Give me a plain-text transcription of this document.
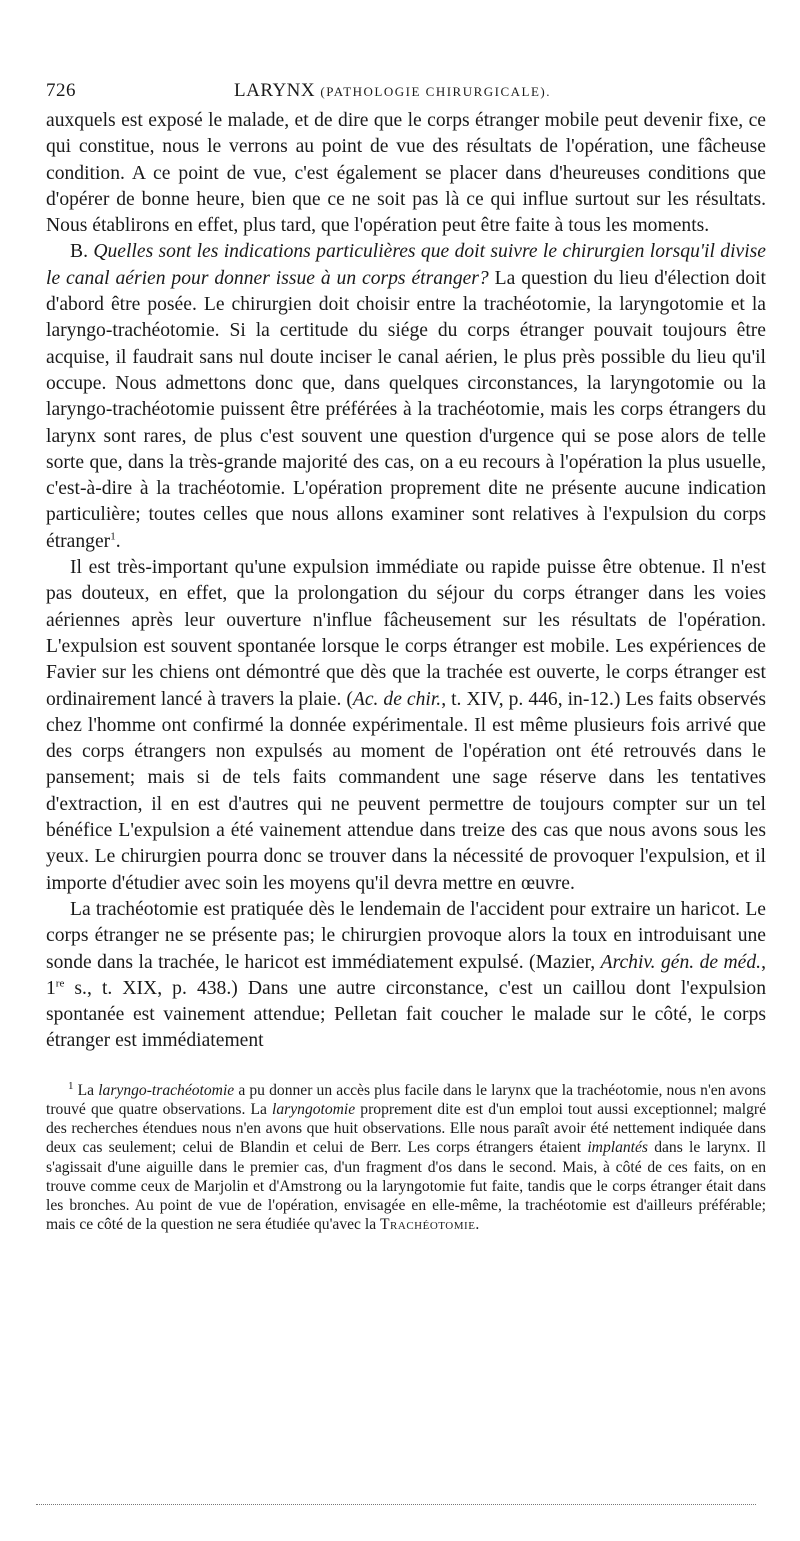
726	LARYNX (PATHOLOGIE CHIRURGICALE).

auxquels est exposé le malade, et de dire que le corps étranger mobile peut devenir fixe, ce qui constitue, nous le verrons au point de vue des résultats de l'opération, une fâcheuse condition. A ce point de vue, c'est également se placer dans d'heureuses conditions que d'opérer de bonne heure, bien que ce ne soit pas là ce qui influe surtout sur les résultats. Nous établirons en effet, plus tard, que l'opération peut être faite à tous les moments.

B. Quelles sont les indications particulières que doit suivre le chirurgien lorsqu'il divise le canal aérien pour donner issue à un corps étranger? La question du lieu d'élection doit d'abord être posée. Le chirurgien doit choisir entre la trachéotomie, la laryngotomie et la laryngo-trachéotomie. Si la certitude du siége du corps étranger pouvait toujours être acquise, il faudrait sans nul doute inciser le canal aérien, le plus près possible du lieu qu'il occupe. Nous admettons donc que, dans quelques circonstances, la laryngotomie ou la laryngo-trachéotomie puissent être préférées à la trachéotomie, mais les corps étrangers du larynx sont rares, de plus c'est souvent une question d'urgence qui se pose alors de telle sorte que, dans la très-grande majorité des cas, on a eu recours à l'opération la plus usuelle, c'est-à-dire à la trachéotomie. L'opération proprement dite ne présente aucune indication particulière; toutes celles que nous allons examiner sont relatives à l'expulsion du corps étranger$^1$.

Il est très-important qu'une expulsion immédiate ou rapide puisse être obtenue. Il n'est pas douteux, en effet, que la prolongation du séjour du corps étranger dans les voies aériennes après leur ouverture n'influe fâcheusement sur les résultats de l'opération. L'expulsion est souvent spontanée lorsque le corps étranger est mobile. Les expériences de Favier sur les chiens ont démontré que dès que la trachée est ouverte, le corps étranger est ordinairement lancé à travers la plaie. (Ac. de chir., t. XIV, p. 446, in-12.) Les faits observés chez l'homme ont confirmé la donnée expérimentale. Il est même plusieurs fois arrivé que des corps étrangers non expulsés au moment de l'opération ont été retrouvés dans le pansement; mais si de tels faits commandent une sage réserve dans les tentatives d'extraction, il en est d'autres qui ne peuvent permettre de toujours compter sur un tel bénéfice L'expulsion a été vainement attendue dans treize des cas que nous avons sous les yeux. Le chirurgien pourra donc se trouver dans la nécessité de provoquer l'expulsion, et il importe d'étudier avec soin les moyens qu'il devra mettre en œuvre.

La trachéotomie est pratiquée dès le lendemain de l'accident pour extraire un haricot. Le corps étranger ne se présente pas; le chirurgien provoque alors la toux en introduisant une sonde dans la trachée, le haricot est immédiatement expulsé. (Mazier, Archiv. gén. de méd., 1re s., t. XIX, p. 438.) Dans une autre circonstance, c'est un caillou dont l'expulsion spontanée est vainement attendue; Pelletan fait coucher le malade sur le côté, le corps étranger est immédiatement

$^1$ La laryngo-trachéotomie a pu donner un accès plus facile dans le larynx que la trachéotomie, nous n'en avons trouvé que quatre observations. La laryngotomie proprement dite est d'un emploi tout aussi exceptionnel; malgré des recherches étendues nous n'en avons que huit observations. Elle nous paraît avoir été nettement indiquée dans deux cas seulement; celui de Blandin et celui de Berr. Les corps étrangers étaient implantés dans le larynx. Il s'agissait d'une aiguille dans le premier cas, d'un fragment d'os dans le second. Mais, à côté de ces faits, on en trouve comme ceux de Marjolin et d'Amstrong ou la laryngotomie fut faite, tandis que le corps étranger était dans les bronches. Au point de vue de l'opération, envisagée en elle-même, la trachéotomie est d'ailleurs préférable; mais ce côté de la question ne sera étudiée qu'avec la Trachéotomie.
